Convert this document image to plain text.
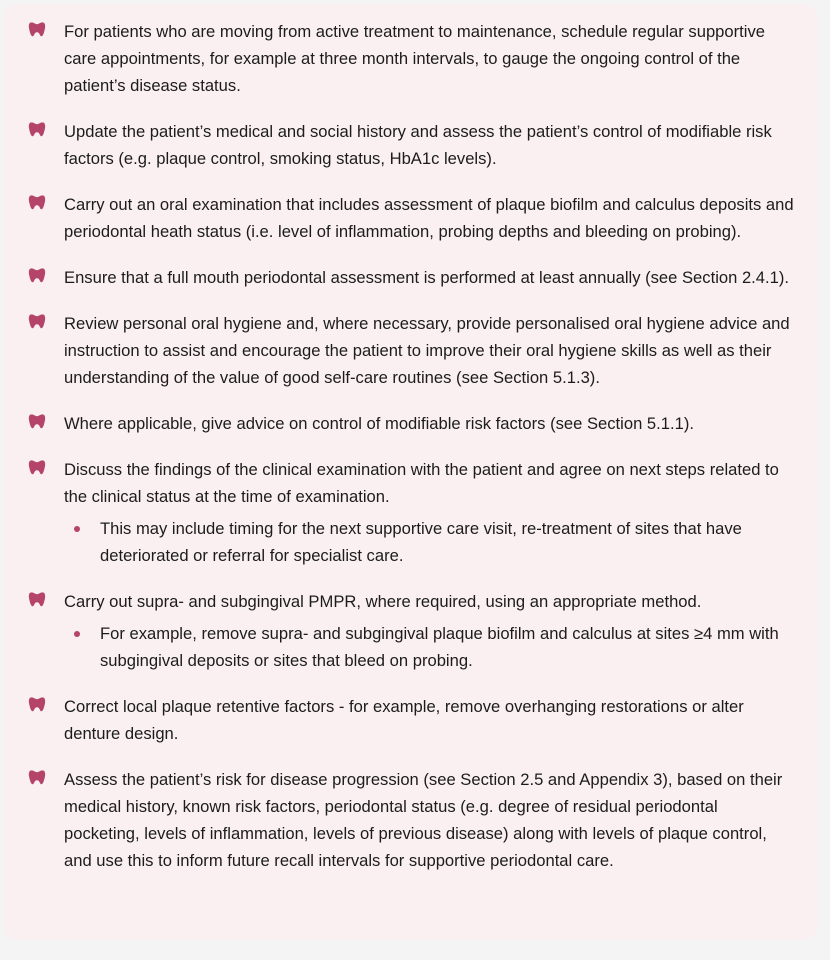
For patients who are moving from active treatment to maintenance, schedule regular supportive care appointments, for example at three month intervals, to gauge the ongoing control of the patient’s disease status.
Update the patient’s medical and social history and assess the patient’s control of modifiable risk factors (e.g. plaque control, smoking status, HbA1c levels).
Carry out an oral examination that includes assessment of plaque biofilm and calculus deposits and periodontal heath status (i.e. level of inflammation, probing depths and bleeding on probing).
Ensure that a full mouth periodontal assessment is performed at least annually (see Section 2.4.1).
Review personal oral hygiene and, where necessary, provide personalised oral hygiene advice and instruction to assist and encourage the patient to improve their oral hygiene skills as well as their understanding of the value of good self-care routines (see Section 5.1.3).
Where applicable, give advice on control of modifiable risk factors (see Section 5.1.1).
Discuss the findings of the clinical examination with the patient and agree on next steps related to the clinical status at the time of examination.
This may include timing for the next supportive care visit, re-treatment of sites that have deteriorated or referral for specialist care.
Carry out supra- and subgingival PMPR, where required, using an appropriate method.
For example, remove supra- and subgingival plaque biofilm and calculus at sites ≥4 mm with subgingival deposits or sites that bleed on probing.
Correct local plaque retentive factors - for example, remove overhanging restorations or alter denture design.
Assess the patient’s risk for disease progression (see Section 2.5 and Appendix 3), based on their medical history, known risk factors, periodontal status (e.g. degree of residual periodontal pocketing, levels of inflammation, levels of previous disease) along with levels of plaque control, and use this to inform future recall intervals for supportive periodontal care.
